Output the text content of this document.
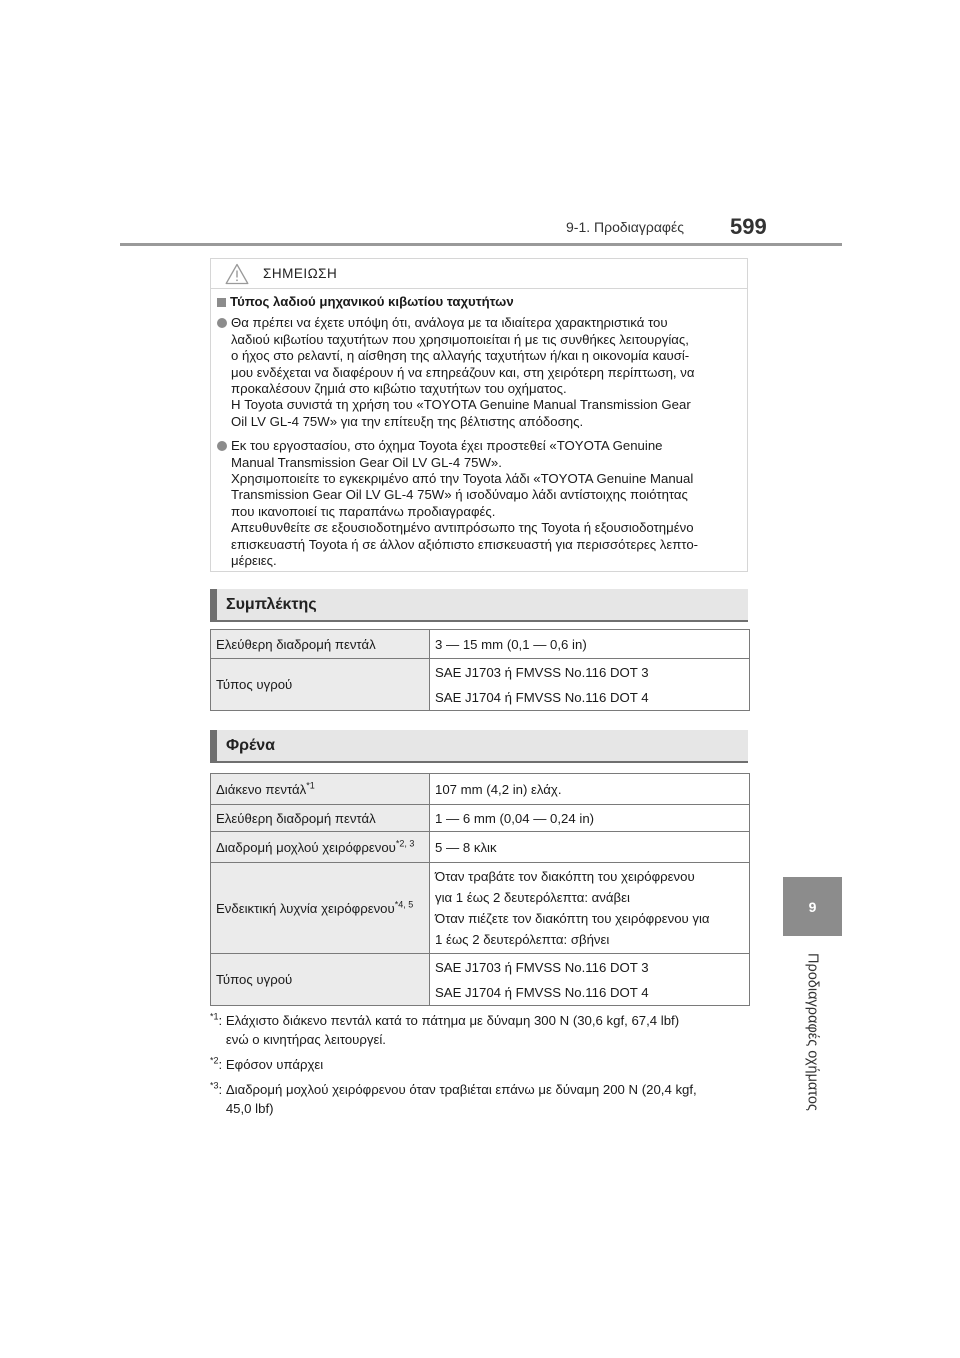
9-1. Προδιαγραφές 599
9
Προδιαγραφές οχήματος
ΣΗΜΕΙΩΣΗ
Τύπος λαδιού μηχανικού κιβωτίου ταχυτήτων

Θα πρέπει να έχετε υπόψη ότι, ανάλογα με τα ιδιαίτερα χαρακτηριστικά του

λαδιού κιβωτίου ταχυτήτων που χρησιμοποιείται ή με τις συνθήκες λειτουργίας,

ο ήχος στο ρελαντί, η αίσθηση της αλλαγής ταχυτήτων ή/και η οικονομία καυσί-

μου ενδέχεται να διαφέρουν ή να επηρεάζουν και, στη χειρότερη περίπτωση, να

προκαλέσουν ζημιά στο κιβώτιο ταχυτήτων του οχήματος.

Η Toyota συνιστά τη χρήση του «TOYOTA Genuine Manual Transmission Gear

Oil LV GL-4 75W» για την επίτευξη της βέλτιστης απόδοσης.

Εκ του εργοστασίου, στο όχημα Toyota έχει προστεθεί «TOYOTA Genuine

Manual Transmission Gear Oil LV GL-4 75W».

Χρησιμοποιείτε το εγκεκριμένο από την Toyota λάδι «TOYOTA Genuine Manual

Transmission Gear Oil LV GL-4 75W» ή ισοδύναμο λάδι αντίστοιχης ποιότητας

που ικανοποιεί τις παραπάνω προδιαγραφές.

Απευθυνθείτε σε εξουσιοδοτημένο αντιπρόσωπο της Toyota ή εξουσιοδοτημένο

επισκευαστή Toyota ή σε άλλον αξιόπιστο επισκευαστή για περισσότερες λεπτο-

μέρειες.

Συμπλέκτης
Ελεύθερη διαδρομή πεντάλ	3 — 15 mm (0,1 — 0,6 in)

Τύπος υγρού	SAE J1703 ή FMVSS No.116 DOT 3
SAE J1704 ή FMVSS No.116 DOT 4
Φρένα
Διάκενο πεντάλ$^{*1}$	107 mm (4,2 in) ελάχ.

Ελεύθερη διαδρομή πεντάλ	1 — 6 mm (0,04 — 0,24 in)

Διαδρομή μοχλού χειρόφρενου$^{*2, 3}$	5 — 8 κλικ

Ενδεικτική λυχνία χειρόφρενου$^{*4, 5}$	Όταν τραβάτε τον διακόπτη του χειρόφρενου
για 1 έως 2 δευτερόλεπτα: ανάβει
Όταν πιέζετε τον διακόπτη του χειρόφρενου για
1 έως 2 δευτερόλεπτα: σβήνει

Τύπος υγρού	SAE J1703 ή FMVSS No.116 DOT 3
SAE J1704 ή FMVSS No.116 DOT 4
$^{*1}$: Ελάχιστο διάκενο πεντάλ κατά το πάτημα με δύναμη 300 N (30,6 kgf, 67,4 lbf)
ενώ ο κινητήρας λειτουργεί.
$^{*2}$: Εφόσον υπάρχει
$^{*3}$: Διαδρομή μοχλού χειρόφρενου όταν τραβιέται επάνω με δύναμη 200 N (20,4 kgf,
45,0 lbf)
